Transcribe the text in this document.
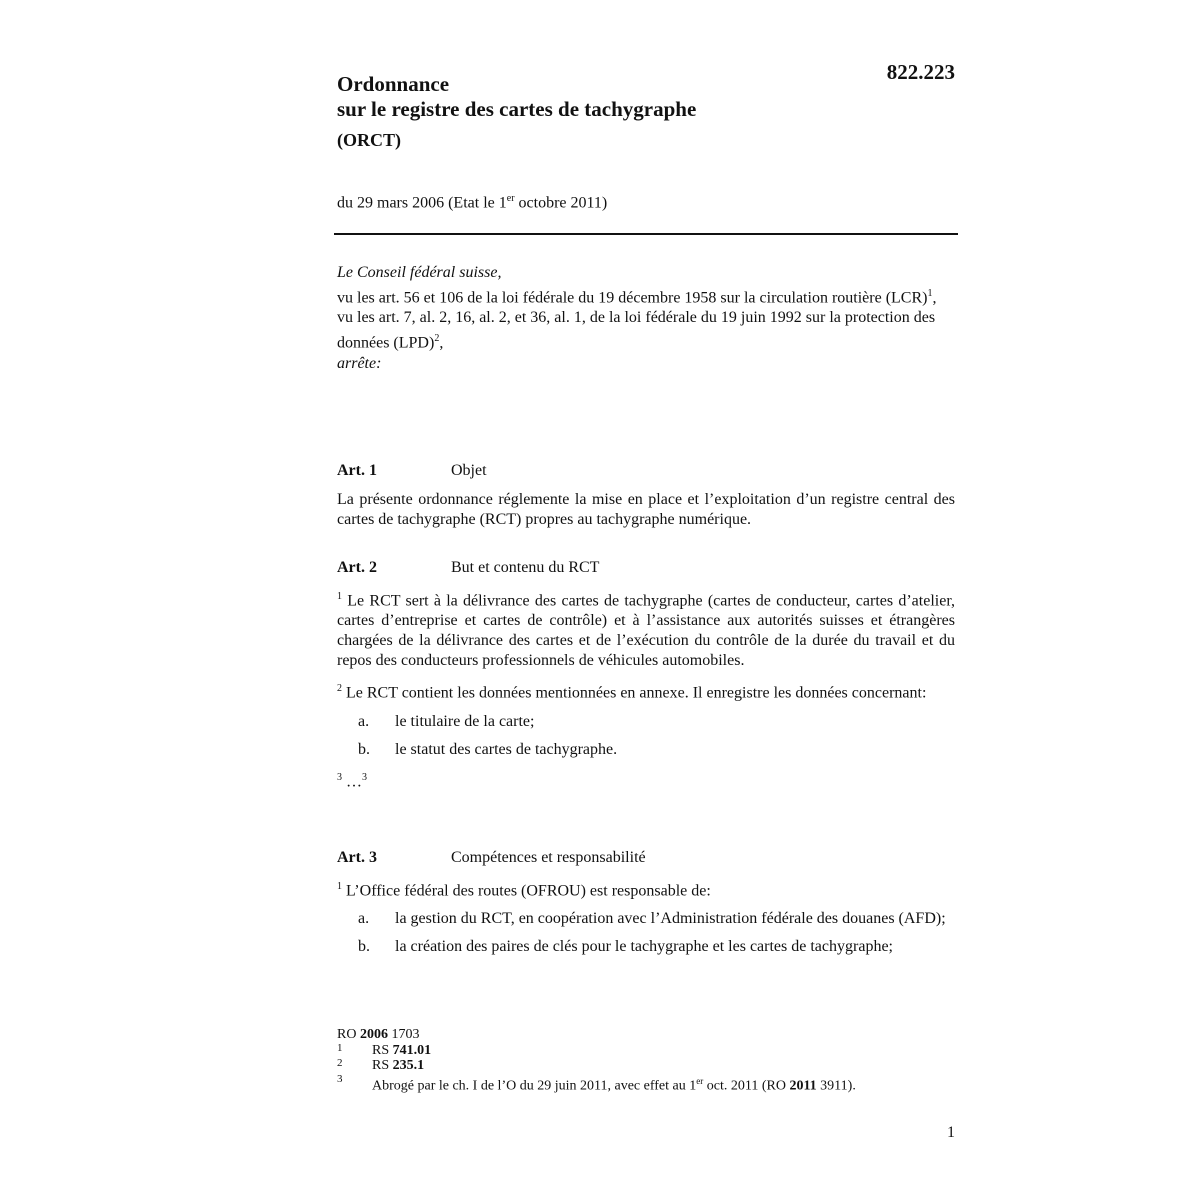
822.223
Ordonnance
sur le registre des cartes de tachygraphe
(ORCT)
du 29 mars 2006 (Etat le 1er octobre 2011)
Le Conseil fédéral suisse,
vu les art. 56 et 106 de la loi fédérale du 19 décembre 1958 sur la circulation routière (LCR)$^1$,
vu les art. 7, al. 2, 16, al. 2, et 36, al. 1, de la loi fédérale du 19 juin 1992 sur la protection des données (LPD)$^2$,
arrête:
Art. 1	Objet
La présente ordonnance réglemente la mise en place et l’exploitation d’un registre central des cartes de tachygraphe (RCT) propres au tachygraphe numérique.
Art. 2	But et contenu du RCT
$^1$ Le RCT sert à la délivrance des cartes de tachygraphe (cartes de conducteur, cartes d’atelier, cartes d’entreprise et cartes de contrôle) et à l’assistance aux autorités suisses et étrangères chargées de la délivrance des cartes et de l’exécution du contrôle de la durée du travail et du repos des conducteurs professionnels de véhicules automobiles.
$^2$ Le RCT contient les données mentionnées en annexe. Il enregistre les données concernant:
a. le titulaire de la carte;
b. le statut des cartes de tachygraphe.
$^3$ …$^3$
Art. 3	Compétences et responsabilité
$^1$ L’Office fédéral des routes (OFROU) est responsable de:
a. la gestion du RCT, en coopération avec l’Administration fédérale des douanes (AFD);
b. la création des paires de clés pour le tachygraphe et les cartes de tachygraphe;
RO 2006 1703
1 RS 741.01
2 RS 235.1
3 Abrogé par le ch. I de l’O du 29 juin 2011, avec effet au 1er oct. 2011 (RO 2011 3911).
1
